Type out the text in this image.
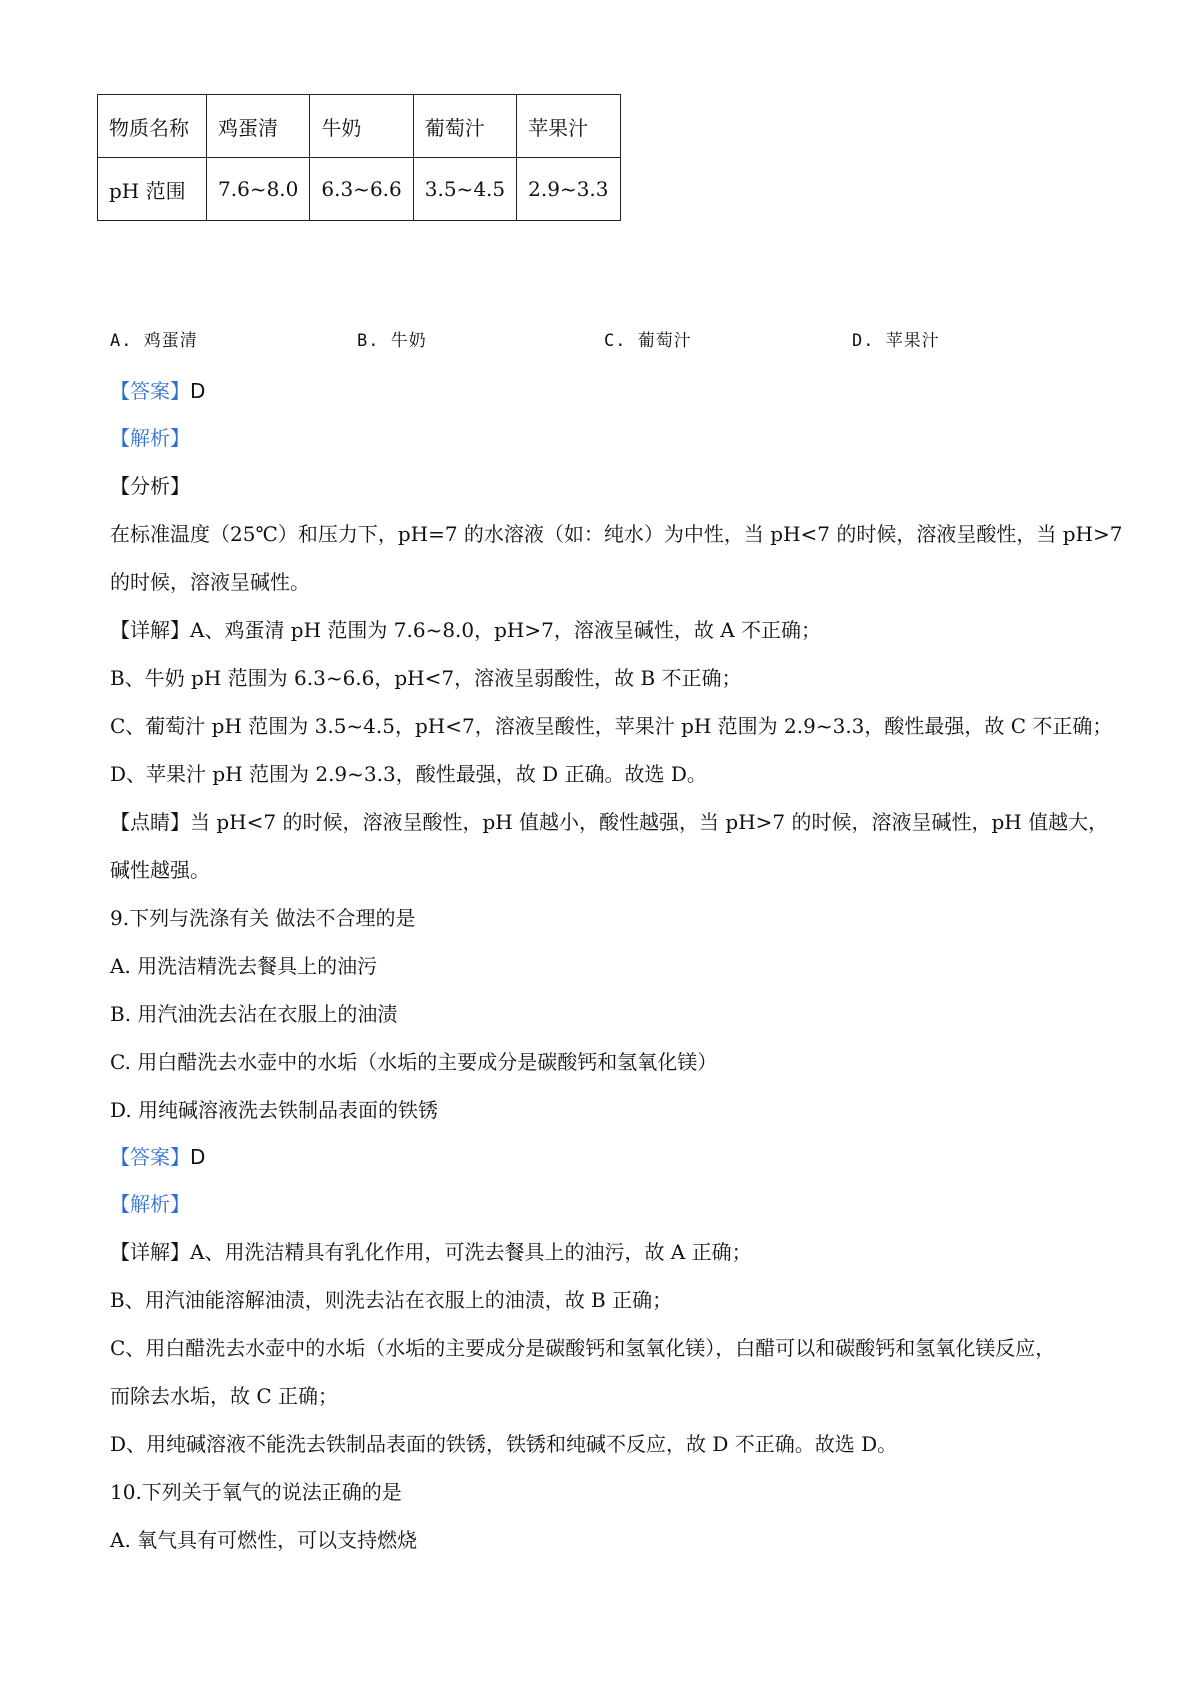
物质名称	鸡蛋清	牛奶	葡萄汁	苹果汁
pH 范围	7.6~8.0	6.3~6.6	3.5~4.5	2.9~3.3
A. 鸡蛋清	B. 牛奶	C. 葡萄汁	D. 苹果汁
【答案】D
【解析】
【分析】
在标准温度（25℃）和压力下，pH=7 的水溶液（如：纯水）为中性，当 pH<7 的时候，溶液呈酸性，当 pH>7
的时候，溶液呈碱性。
【详解】A、鸡蛋清 pH 范围为 7.6~8.0，pH>7，溶液呈碱性，故 A 不正确；
B、牛奶 pH 范围为 6.3~6.6，pH<7，溶液呈弱酸性，故 B 不正确；
C、葡萄汁 pH 范围为 3.5~4.5，pH<7，溶液呈酸性，苹果汁 pH 范围为 2.9~3.3，酸性最强，故 C 不正确；
D、苹果汁 pH 范围为 2.9~3.3，酸性最强，故 D 正确。故选 D。
【点睛】当 pH<7 的时候，溶液呈酸性，pH 值越小，酸性越强，当 pH>7 的时候，溶液呈碱性，pH 值越大，
碱性越强。
9.下列与洗涤有关 做法不合理的是
A. 用洗洁精洗去餐具上的油污
B. 用汽油洗去沾在衣服上的油渍
C. 用白醋洗去水壶中的水垢（水垢的主要成分是碳酸钙和氢氧化镁）
D. 用纯碱溶液洗去铁制品表面的铁锈
【答案】D
【解析】
【详解】A、用洗洁精具有乳化作用，可洗去餐具上的油污，故 A 正确；
B、用汽油能溶解油渍，则洗去沾在衣服上的油渍，故 B 正确；
C、用白醋洗去水壶中的水垢（水垢的主要成分是碳酸钙和氢氧化镁），白醋可以和碳酸钙和氢氧化镁反应，
而除去水垢，故 C 正确；
D、用纯碱溶液不能洗去铁制品表面的铁锈，铁锈和纯碱不反应，故 D 不正确。故选 D。
10.下列关于氧气的说法正确的是
A. 氧气具有可燃性，可以支持燃烧
